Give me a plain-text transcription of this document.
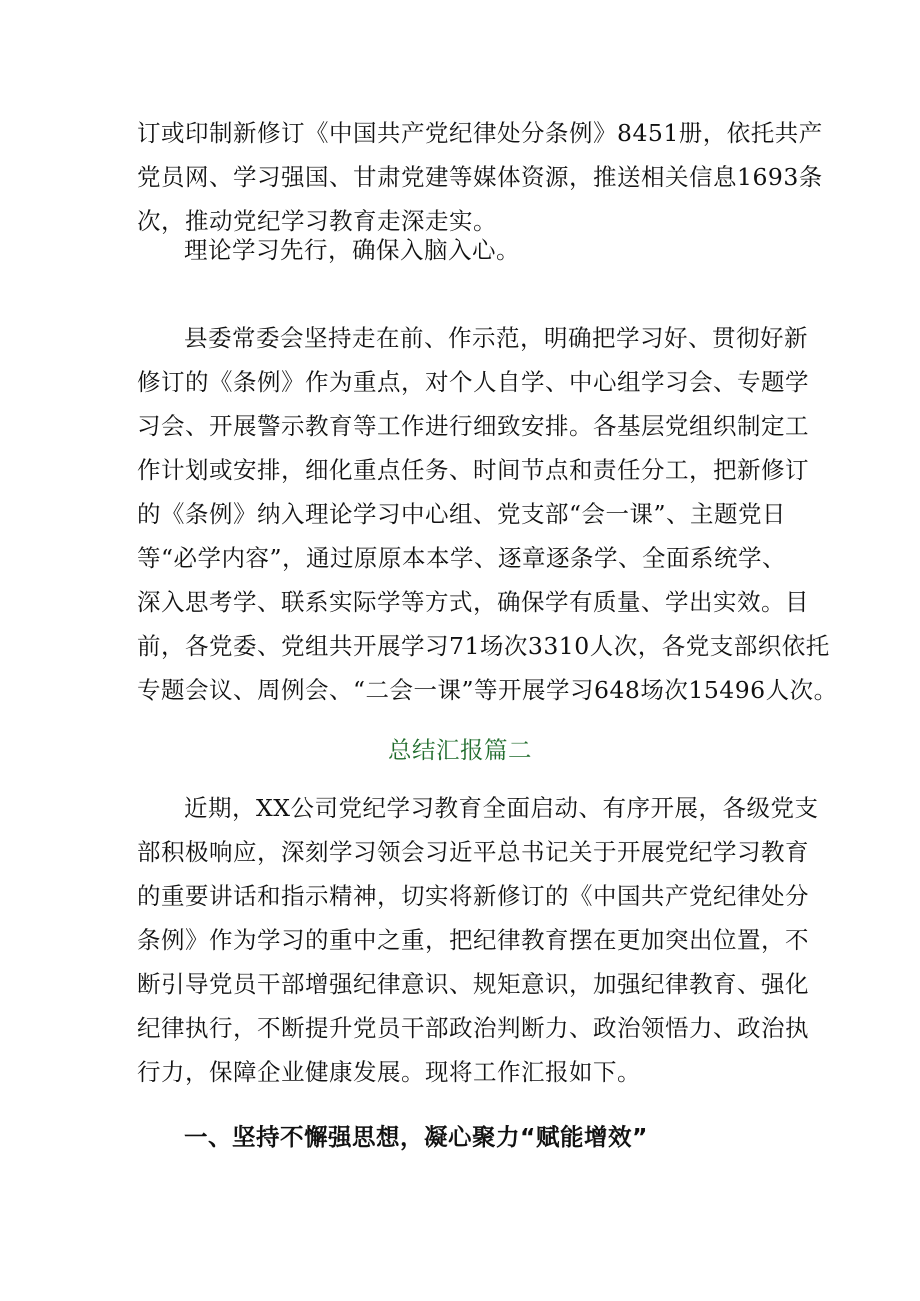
订或印制新修订《中国共产党纪律处分条例》8451册，依托共产
党员网、学习强国、甘肃党建等媒体资源，推送相关信息1693条
次，推动党纪学习教育走深走实。
理论学习先行，确保入脑入心。
县委常委会坚持走在前、作示范，明确把学习好、贯彻好新
修订的《条例》作为重点，对个人自学、中心组学习会、专题学
习会、开展警示教育等工作进行细致安排。各基层党组织制定工
作计划或安排，细化重点任务、时间节点和责任分工，把新修订
的《条例》纳入理论学习中心组、党支部“会一课”、主题党日
等“必学内容”，通过原原本本学、逐章逐条学、全面系统学、
深入思考学、联系实际学等方式，确保学有质量、学出实效。目
前，各党委、党组共开展学习71场次3310人次，各党支部织依托
专题会议、周例会、“二会一课”等开展学习648场次15496人次。
总结汇报篇二
近期，XX公司党纪学习教育全面启动、有序开展，各级党支
部积极响应，深刻学习领会习近平总书记关于开展党纪学习教育
的重要讲话和指示精神，切实将新修订的《中国共产党纪律处分
条例》作为学习的重中之重，把纪律教育摆在更加突出位置，不
断引导党员干部增强纪律意识、规矩意识，加强纪律教育、强化
纪律执行，不断提升党员干部政治判断力、政治领悟力、政治执
行力，保障企业健康发展。现将工作汇报如下。
一、坚持不懈强思想，凝心聚力“赋能增效”
